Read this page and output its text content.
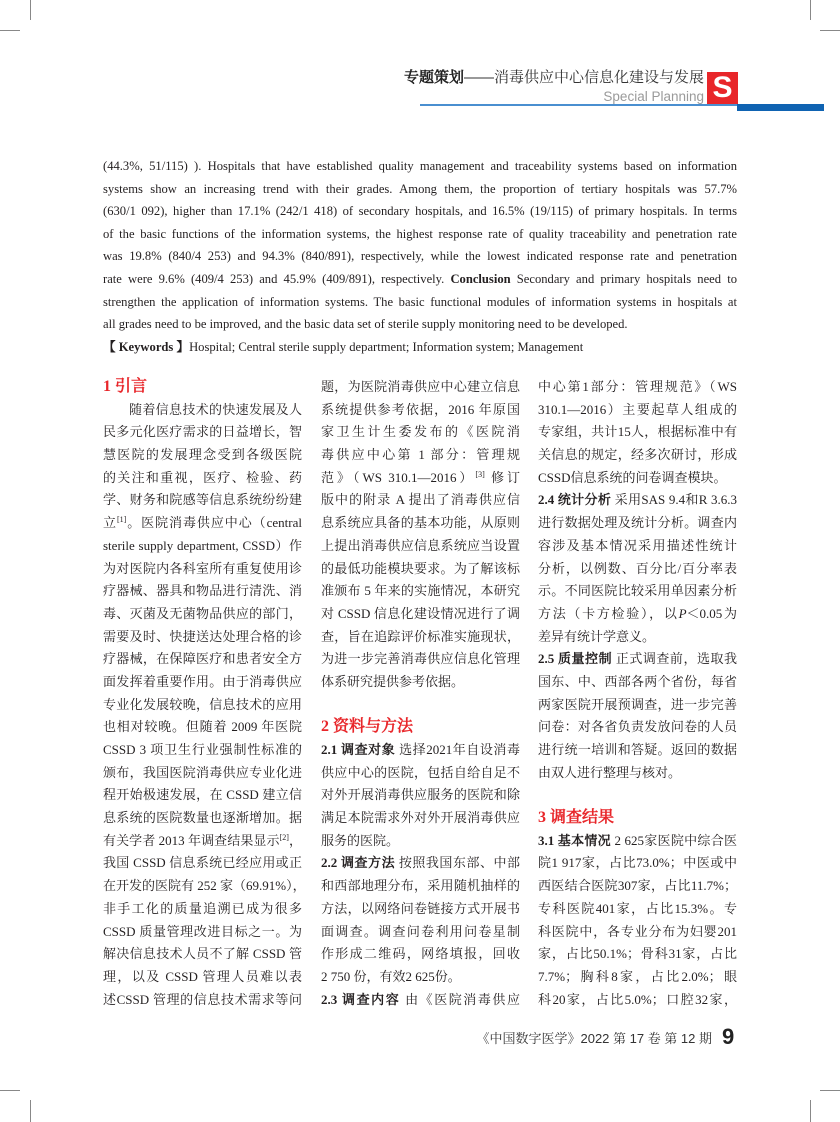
专题策划——消毒供应中心信息化建设与发展
Special Planning S
(44.3%, 51/115) ). Hospitals that have established quality management and traceability systems based on information
systems show an increasing trend with their grades. Among them, the proportion of tertiary hospitals was 57.7%
(630/1 092), higher than 17.1% (242/1 418) of secondary hospitals, and 16.5% (19/115) of primary hospitals. In terms
of the basic functions of the information systems, the highest response rate of quality traceability and penetration rate
was 19.8% (840/4 253) and 94.3% (840/891), respectively, while the lowest indicated response rate and penetration
rate were 9.6% (409/4 253) and 45.9% (409/891), respectively. Conclusion Secondary and primary hospitals need to
strengthen the application of information systems. The basic functional modules of information systems in hospitals at
all grades need to be improved, and the basic data set of sterile supply monitoring need to be developed.
【 Keywords 】Hospital; Central sterile supply department; Information system; Management
1 引言
随着信息技术的快速发展及人
民多元化医疗需求的日益增长，智
慧医院的发展理念受到各级医院
的关注和重视，医疗、检验、药
学、财务和院感等信息系统纷纷建
立[1]。医院消毒供应中心（central
sterile supply department, CSSD）作
为对医院内各科室所有重复使用诊
疗器械、器具和物品进行清洗、消
毒、灭菌及无菌物品供应的部门，
需要及时、快捷送达处理合格的诊
疗器械，在保障医疗和患者安全方
面发挥着重要作用。由于消毒供应
专业化发展较晚，信息技术的应用
也相对较晚。但随着 2009 年医院
CSSD 3 项卫生行业强制性标准的
颁布，我国医院消毒供应专业化进
程开始极速发展，在 CSSD 建立信
息系统的医院数量也逐渐增加。据
有关学者 2013 年调查结果显示[2]，
我国 CSSD 信息系统已经应用或正
在开发的医院有 252 家（69.91%），
非手工化的质量追溯已成为很多
CSSD 质量管理改进目标之一。为
解决信息技术人员不了解 CSSD 管
理，以及 CSSD 管理人员难以表
述CSSD 管理的信息技术需求等问
题，为医院消毒供应中心建立信息
系统提供参考依据，2016 年原国
家卫生计生委发布的《医院消
毒供应中心第 1 部分：管理规
范》（WS 310.1—2016）[3] 修订
版中的附录 A 提出了消毒供应信
息系统应具备的基本功能，从原则
上提出消毒供应信息系统应当设置
的最低功能模块要求。为了解该标
准颁布 5 年来的实施情况，本研究
对 CSSD 信息化建设情况进行了调
查，旨在追踪评价标准实施现状，
为进一步完善消毒供应信息化管理
体系研究提供参考依据。
2 资料与方法
2.1 调查对象 选择2021年自设消毒
供应中心的医院，包括自给自足不
对外开展消毒供应服务的医院和除
满足本院需求外对外开展消毒供应
服务的医院。
2.2 调查方法 按照我国东部、中部
和西部地理分布，采用随机抽样的
方法，以网络问卷链接方式开展书
面调查。调查问卷利用问卷星制
作形成二维码，网络填报，回收
2 750 份，有效2 625份。
2.3 调查内容 由《医院消毒供应
中心第1部分：管理规范》（WS
310.1—2016）主要起草人组成的
专家组，共计15人，根据标准中有
关信息的规定，经多次研讨，形成
CSSD信息系统的问卷调查模块。
2.4 统计分析 采用SAS 9.4和R 3.6.3
进行数据处理及统计分析。调查内
容涉及基本情况采用描述性统计
分析，以例数、百分比/百分率表
示。不同医院比较采用单因素分析
方法（卡方检验），以P＜0.05为
差异有统计学意义。
2.5 质量控制 正式调查前，选取我
国东、中、西部各两个省份，每省
两家医院开展预调查，进一步完善
问卷：对各省负责发放问卷的人员
进行统一培训和答疑。返回的数据
由双人进行整理与核对。
3 调查结果
3.1 基本情况 2 625家医院中综合医
院1 917家，占比73.0%；中医或中
西医结合医院307家，占比11.7%；
专科医院401家，占比15.3%。专
科医院中，各专业分布为妇婴201
家，占比50.1%；骨科31家，占比
7.7%；胸科8家，占比2.0%；眼
科20家，占比5.0%；口腔32家，
《中国数字医学》2022 第 17 卷 第 12 期 9
